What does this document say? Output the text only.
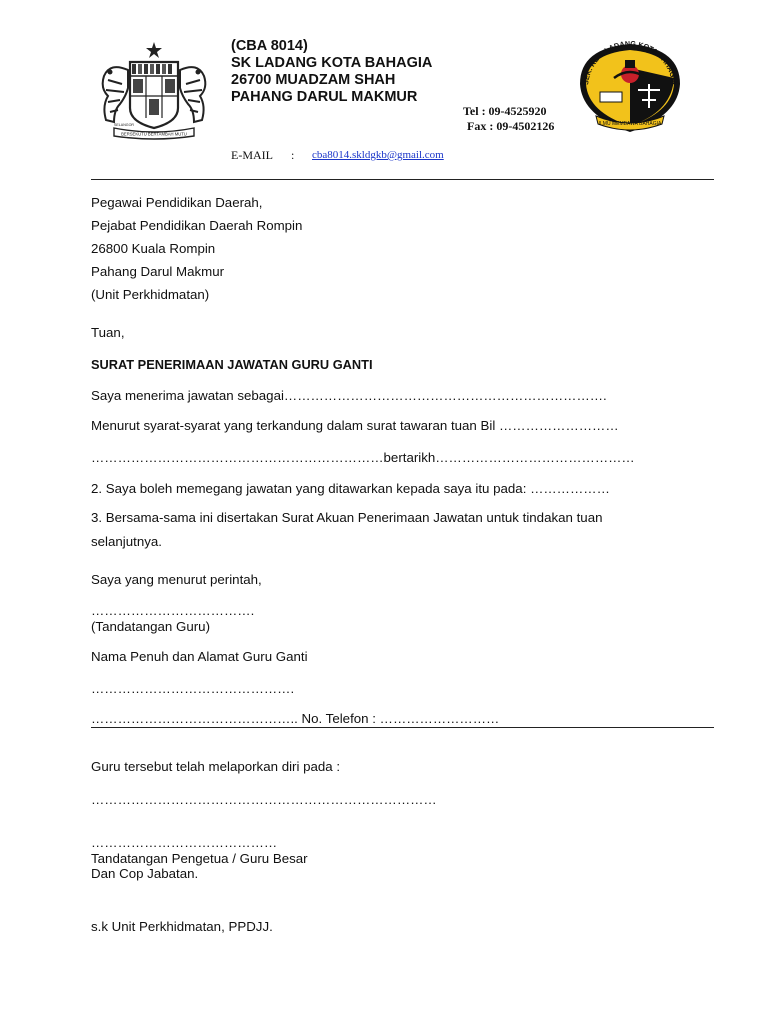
BERSEKUTU BERTAMBAH MUTU
SELANGOR
(CBA 8014)
SK LADANG KOTA BAHAGIA
26700 MUADZAM SHAH
PAHANG DARUL MAKMUR
Tel : 09-4525920
Fax : 09-4502126
E-MAIL : cba8014.skldgkb@gmail.com
SEK. KEB. LADANG KOTA BAHAGIA
ILMU MEMBAWA BAHAGIA
Pegawai Pendidikan Daerah,
Pejabat Pendidikan Daerah Rompin
26800 Kuala Rompin
Pahang Darul Makmur
(Unit Perkhidmatan)
Tuan,
SURAT PENERIMAAN JAWATAN GURU GANTI
Saya menerima jawatan sebagai……………………………………………………………….
Menurut syarat-syarat yang terkandung dalam surat tawaran tuan Bil ………………………
…………………………………………………………bertarikh………………………………………
2. Saya boleh memegang jawatan yang ditawarkan kepada saya itu pada: ………………
3. Bersama-sama ini disertakan Surat Akuan Penerimaan Jawatan untuk tindakan tuan
selanjutnya.
Saya yang menurut perintah,
……………………………….
(Tandatangan Guru)
Nama Penuh dan Alamat Guru Ganti
……………………………………….
……………………………………….. No. Telefon : ………………………
Guru tersebut telah melaporkan diri pada :
……………………………………………………………………
……………………………………
Tandatangan Pengetua / Guru Besar
Dan Cop Jabatan.
s.k Unit Perkhidmatan, PPDJJ.
